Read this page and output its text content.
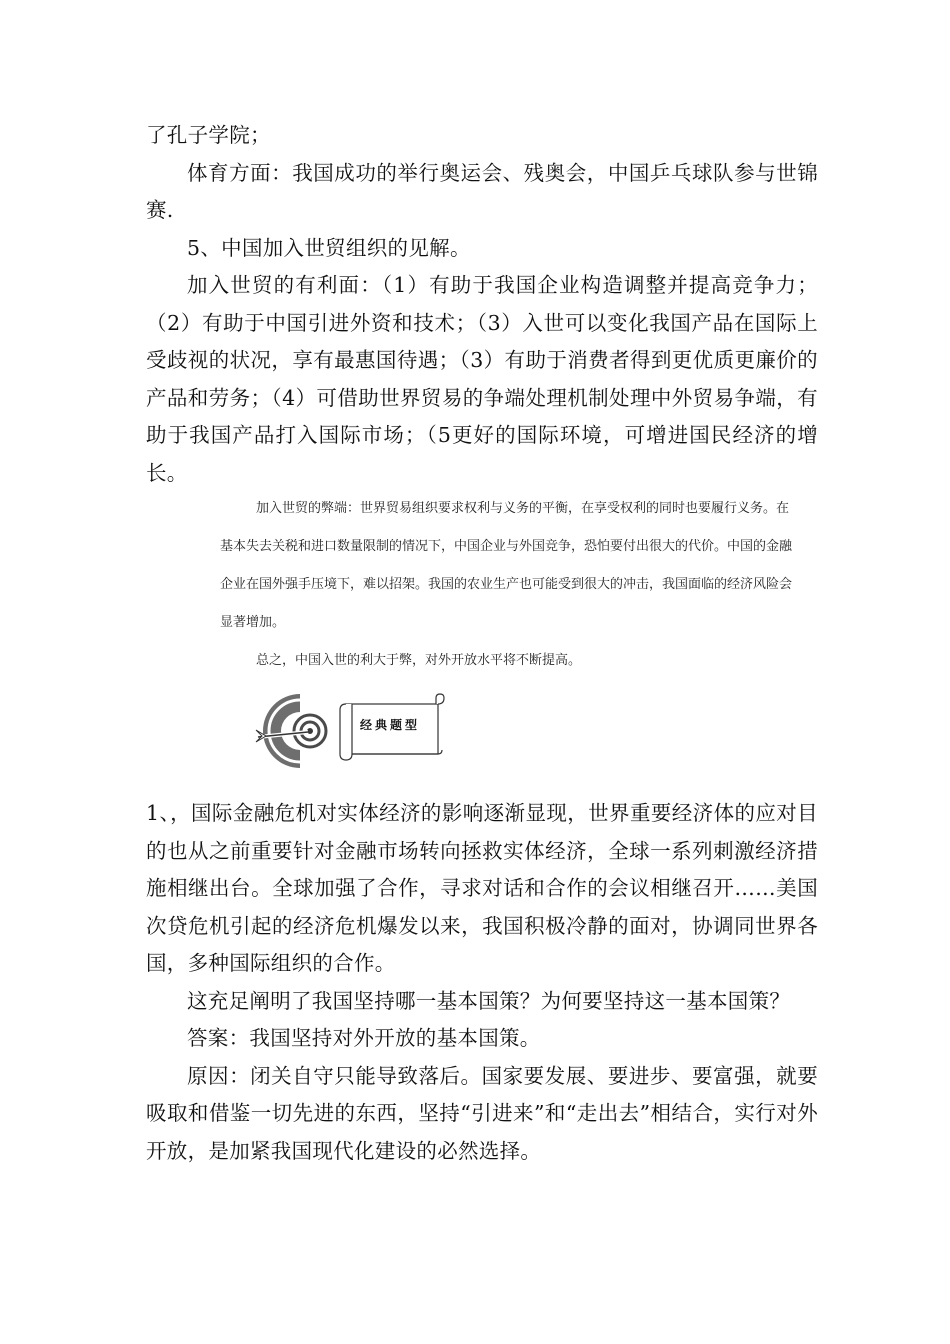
了孔子学院；

体育方面：我国成功的举行奥运会、残奥会，中国乒乓球队参与世锦赛.

5、中国加入世贸组织的见解。

加入世贸的有利面：（1）有助于我国企业构造调整并提高竞争力；（2）有助于中国引进外资和技术；（3）入世可以变化我国产品在国际上受歧视的状况，享有最惠国待遇；（3）有助于消费者得到更优质更廉价的产品和劳务；（4）可借助世界贸易的争端处理机制处理中外贸易争端，有助于我国产品打入国际市场；（5更好的国际环境，可增进国民经济的增长。

加入世贸的弊端：世界贸易组织要求权利与义务的平衡，在享受权利的同时也要履行义务。在基本失去关税和进口数量限制的情况下，中国企业与外国竞争，恐怕要付出很大的代价。中国的金融企业在国外强手压境下，难以招架。我国的农业生产也可能受到很大的冲击，我国面临的经济风险会显著增加。

总之，中国入世的利大于弊，对外开放水平将不断提高。

经典题型

1、，国际金融危机对实体经济的影响逐渐显现，世界重要经济体的应对目的也从之前重要针对金融市场转向拯救实体经济，全球一系列刺激经济措施相继出台。全球加强了合作，寻求对话和合作的会议相继召开……美国次贷危机引起的经济危机爆发以来，我国积极冷静的面对，协调同世界各国，多种国际组织的合作。

这充足阐明了我国坚持哪一基本国策？为何要坚持这一基本国策？

答案：我国坚持对外开放的基本国策。

原因：闭关自守只能导致落后。国家要发展、要进步、要富强，就要吸取和借鉴一切先进的东西，坚持“引进来”和“走出去”相结合，实行对外开放，是加紧我国现代化建设的必然选择。
